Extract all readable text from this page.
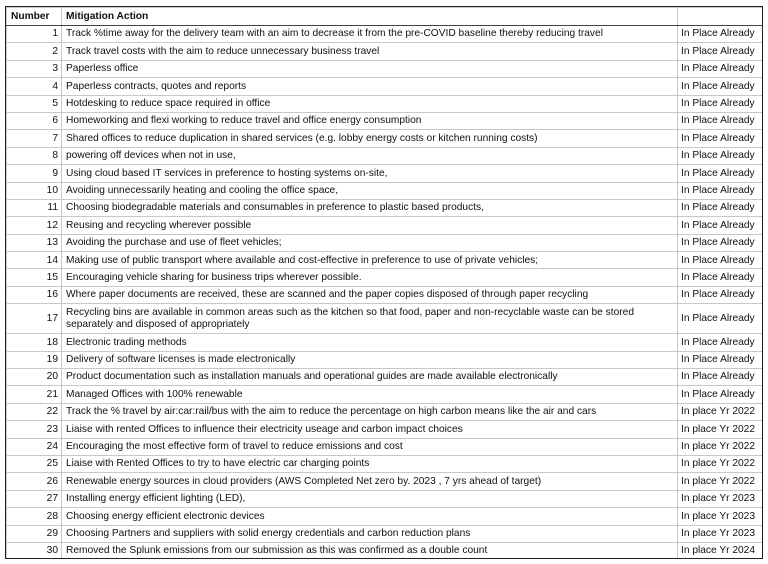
Number	Mitigation Action	
1	Track %time away for the delivery team with an aim to decrease it from the pre-COVID baseline thereby reducing travel	In Place Already
2	Track travel costs with the aim to reduce unnecessary business travel	In Place Already
3	Paperless office	In Place Already
4	Paperless contracts, quotes and reports	In Place Already
5	Hotdesking to reduce space required in office	In Place Already
6	Homeworking and flexi working to reduce travel and office energy consumption	In Place Already
7	Shared offices to reduce duplication in shared services (e.g. lobby energy costs or kitchen running costs)	In Place Already
8	powering off devices when not in use,	In Place Already
9	Using cloud based IT services in preference to hosting systems on-site,	In Place Already
10	Avoiding unnecessarily heating and cooling the office space,	In Place Already
11	Choosing biodegradable materials and consumables in preference to plastic based products,	In Place Already
12	Reusing and recycling wherever possible	In Place Already
13	Avoiding the purchase and use of fleet vehicles;	In Place Already
14	Making use of public transport where available and cost-effective in preference to use of private vehicles;	In Place Already
15	Encouraging vehicle sharing for business trips wherever possible.	In Place Already
16	Where paper documents are received, these are scanned and the paper copies disposed of through paper recycling	In Place Already
17	Recycling bins are available in common areas such as the kitchen so that food, paper and non-recyclable waste can be stored separately and disposed of appropriately	In Place Already
18	Electronic trading methods	In Place Already
19	Delivery of software licenses is made electronically	In Place Already
20	Product documentation such as installation manuals and operational guides are made available electronically	In Place Already
21	Managed Offices with 100% renewable	In Place Already
22	Track the % travel by air:car:rail/bus with the aim to reduce the percentage on high carbon means like the air and cars	In place Yr 2022
23	Liaise with rented Offices to influence their electricity useage and carbon impact choices	In place Yr 2022
24	Encouraging the most effective form of travel to reduce emissions and cost	In place Yr 2022
25	Liaise with Rented Offices to try to have electric car charging points	In place Yr 2022
26	Renewable energy sources in cloud providers (AWS Completed Net zero by. 2023 , 7 yrs ahead of target)	In place Yr 2022
27	Installing energy efficient lighting (LED),	In place Yr 2023
28	Choosing energy efficient electronic devices	In place Yr 2023
29	Choosing Partners and suppliers with solid energy credentials and carbon reduction plans	In place Yr 2023
30	Removed the Splunk emissions from our submission as this was confirmed as a double count	In place Yr 2024
